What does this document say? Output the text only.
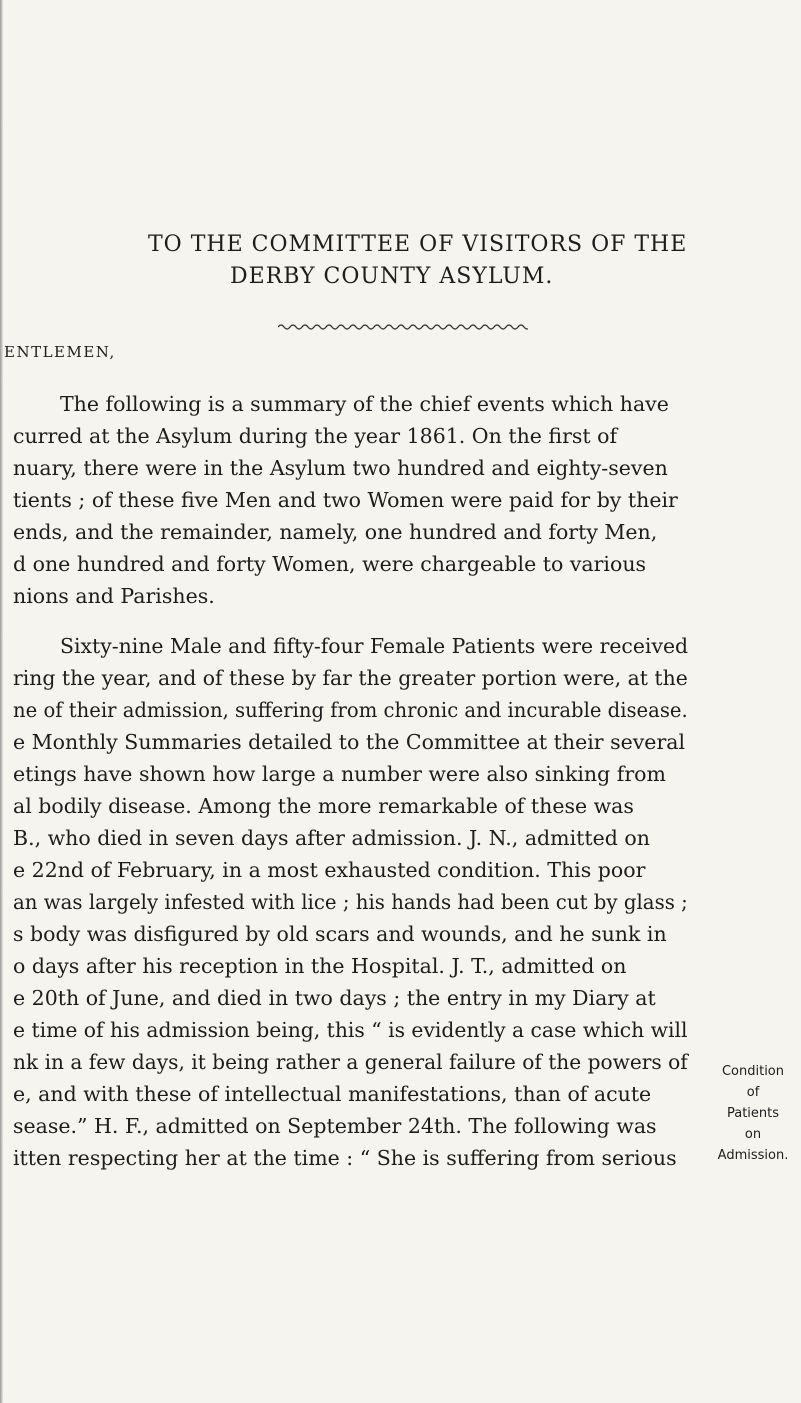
TO THE COMMITTEE OF VISITORS OF THE
DERBY COUNTY ASYLUM.
ENTLEMEN,
The following is a summary of the chief events which have
curred at the Asylum during the year 1861. On the first of
nuary, there were in the Asylum two hundred and eighty-seven
tients ; of these five Men and two Women were paid for by their
ends, and the remainder, namely, one hundred and forty Men,
d one hundred and forty Women, were chargeable to various
nions and Parishes.
Sixty-nine Male and fifty-four Female Patients were received
ring the year, and of these by far the greater portion were, at the
ne of their admission, suffering from chronic and incurable disease.
e Monthly Summaries detailed to the Committee at their several
etings have shown how large a number were also sinking from
al bodily disease. Among the more remarkable of these was
B., who died in seven days after admission. J. N., admitted on
e 22nd of February, in a most exhausted condition. This poor
an was largely infested with lice ; his hands had been cut by glass ;
s body was disfigured by old scars and wounds, and he sunk in
o days after his reception in the Hospital. J. T., admitted on
e 20th of June, and died in two days ; the entry in my Diary at
e time of his admission being, this “ is evidently a case which will
nk in a few days, it being rather a general failure of the powers of
e, and with these of intellectual manifestations, than of acute
sease.” H. F., admitted on September 24th. The following was
itten respecting her at the time : “ She is suffering from serious
Condition
of
Patients
on
Admission.
